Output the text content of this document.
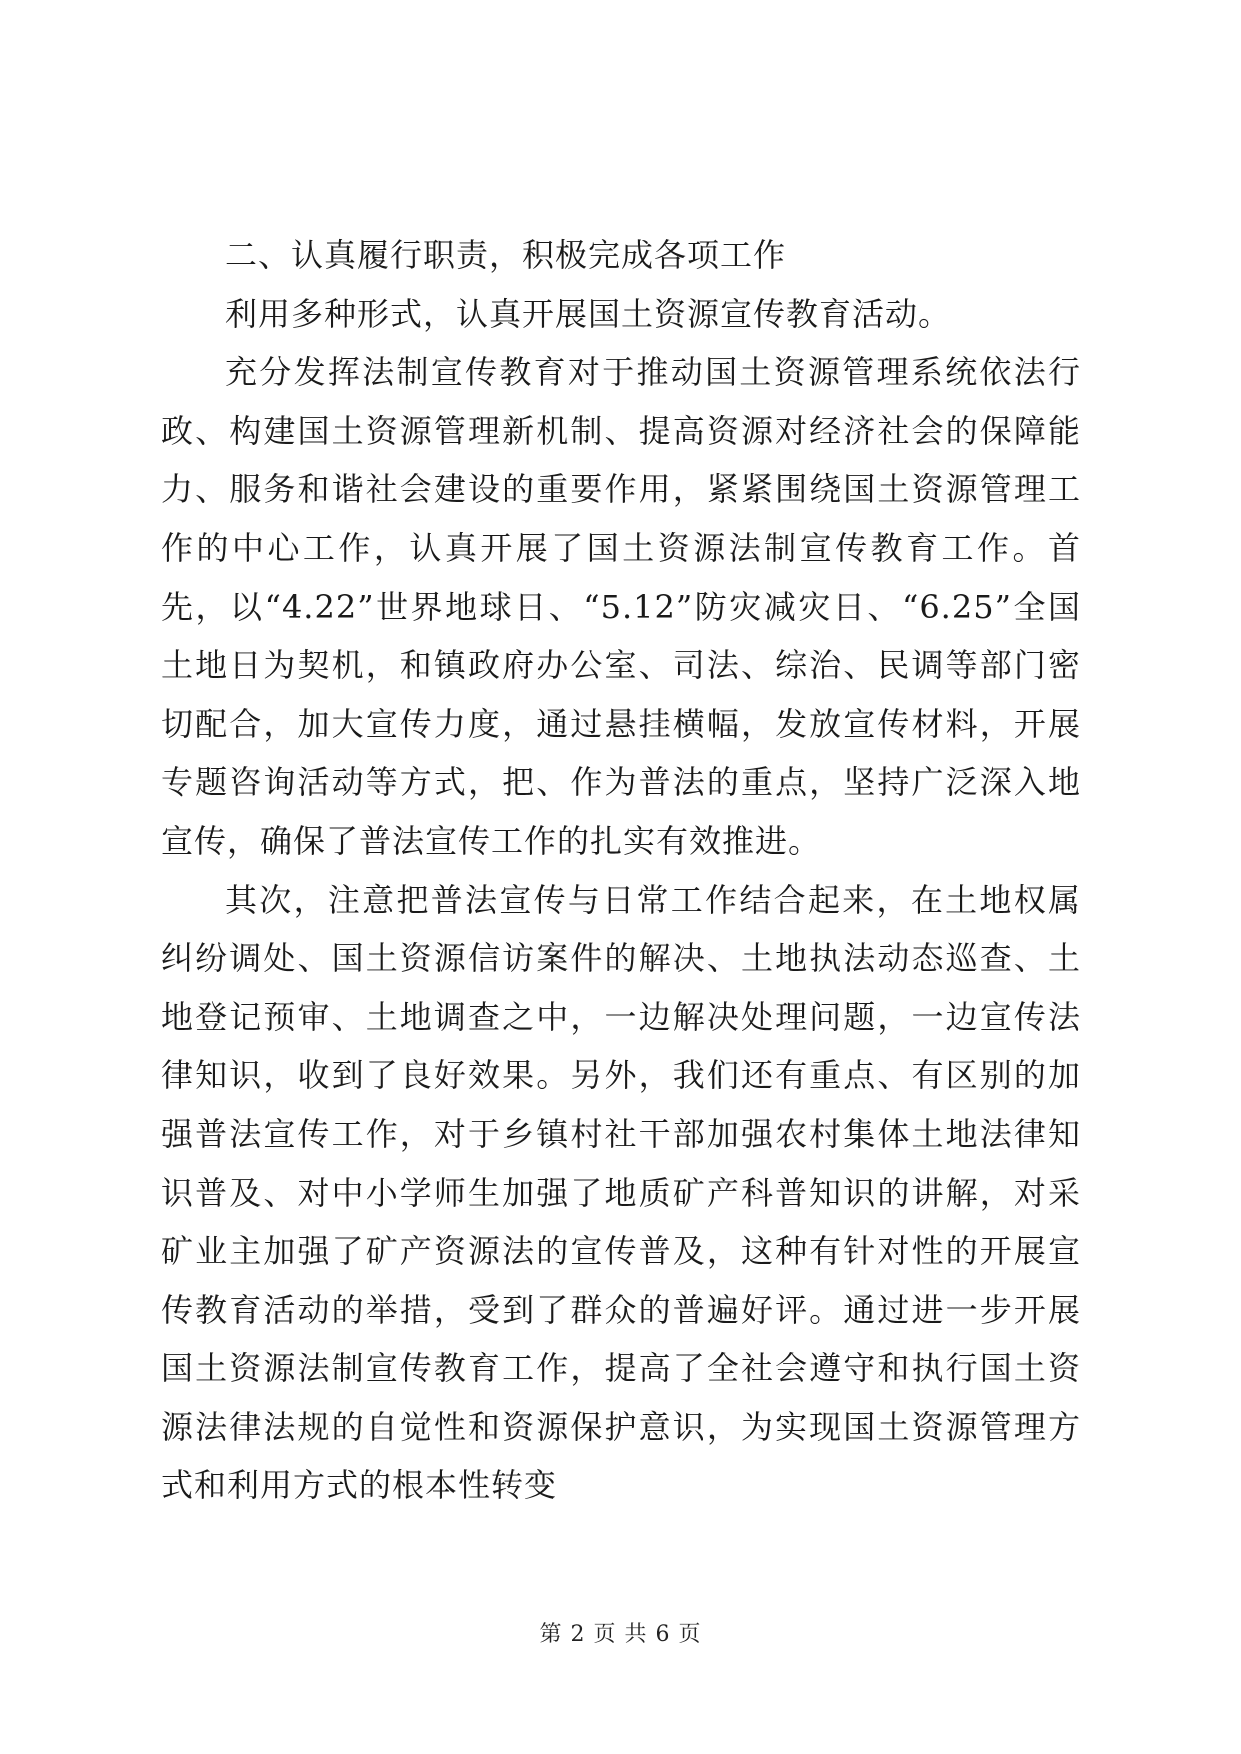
二、认真履行职责，积极完成各项工作

利用多种形式，认真开展国土资源宣传教育活动。

充分发挥法制宣传教育对于推动国土资源管理系统依法行政、构建国土资源管理新机制、提高资源对经济社会的保障能力、服务和谐社会建设的重要作用，紧紧围绕国土资源管理工作的中心工作，认真开展了国土资源法制宣传教育工作。首先，以“4.22”世界地球日、“5.12”防灾减灾日、“6.25”全国土地日为契机，和镇政府办公室、司法、综治、民调等部门密切配合，加大宣传力度，通过悬挂横幅，发放宣传材料，开展专题咨询活动等方式，把、作为普法的重点，坚持广泛深入地宣传，确保了普法宣传工作的扎实有效推进。

其次，注意把普法宣传与日常工作结合起来，在土地权属纠纷调处、国土资源信访案件的解决、土地执法动态巡查、土地登记预审、土地调查之中，一边解决处理问题，一边宣传法律知识，收到了良好效果。另外，我们还有重点、有区别的加强普法宣传工作，对于乡镇村社干部加强农村集体土地法律知识普及、对中小学师生加强了地质矿产科普知识的讲解，对采矿业主加强了矿产资源法的宣传普及，这种有针对性的开展宣传教育活动的举措，受到了群众的普遍好评。通过进一步开展国土资源法制宣传教育工作，提高了全社会遵守和执行国土资源法律法规的自觉性和资源保护意识，为实现国土资源管理方式和利用方式的根本性转变

第 2 页 共 6 页
